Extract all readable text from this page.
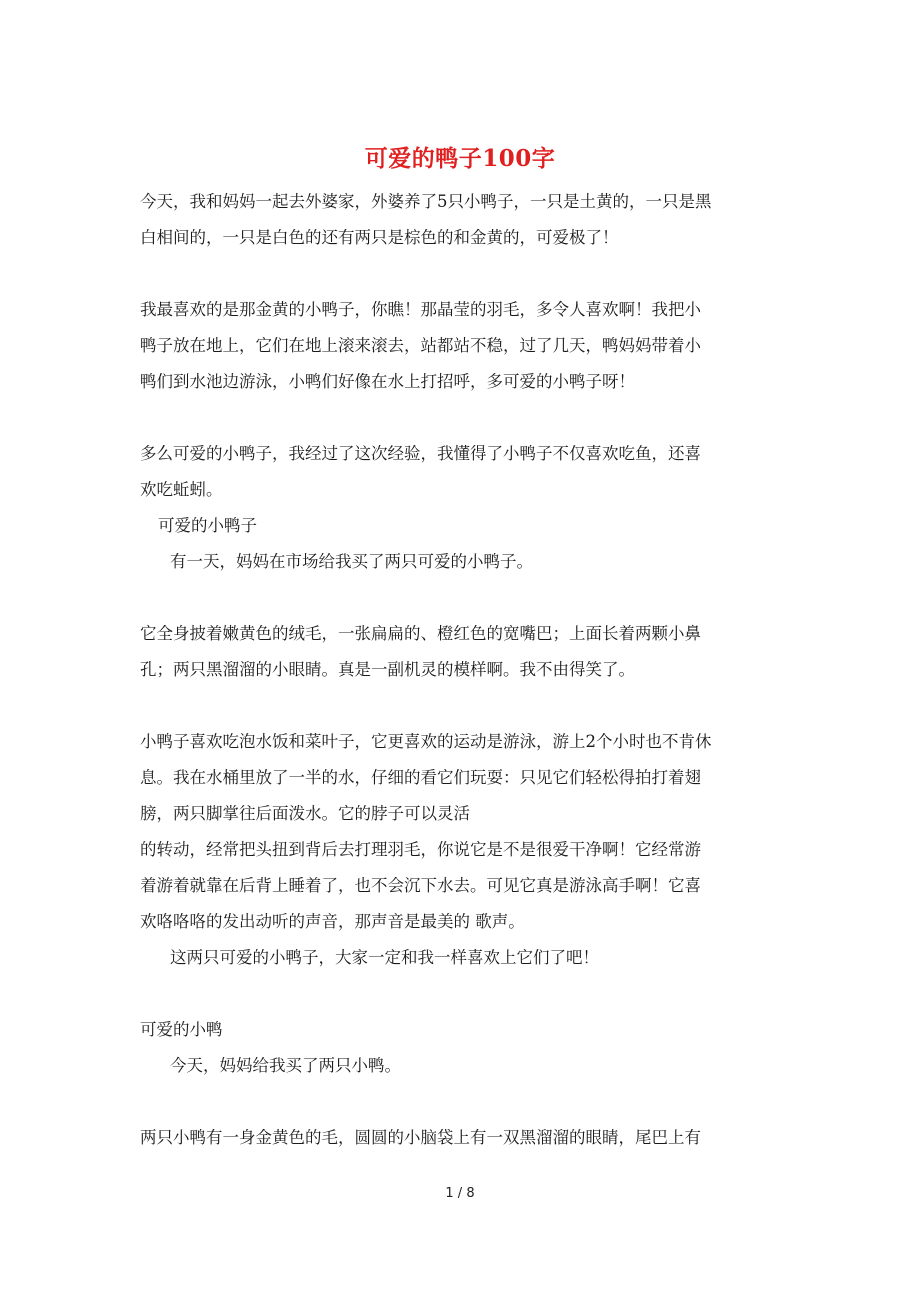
可爱的鸭子100字
今天，我和妈妈一起去外婆家，外婆养了5只小鸭子，一只是土黄的，一只是黑
白相间的，一只是白色的还有两只是棕色的和金黄的，可爱极了！
我最喜欢的是那金黄的小鸭子，你瞧！那晶莹的羽毛，多令人喜欢啊！我把小
鸭子放在地上，它们在地上滚来滚去，站都站不稳，过了几天，鸭妈妈带着小
鸭们到水池边游泳，小鸭们好像在水上打招呼，多可爱的小鸭子呀！
多么可爱的小鸭子，我经过了这次经验，我懂得了小鸭子不仅喜欢吃鱼，还喜
欢吃蚯蚓。
可爱的小鸭子
有一天，妈妈在市场给我买了两只可爱的小鸭子。
它全身披着嫩黄色的绒毛，一张扁扁的、橙红色的宽嘴巴；上面长着两颗小鼻
孔；两只黑溜溜的小眼睛。真是一副机灵的模样啊。我不由得笑了。
小鸭子喜欢吃泡水饭和菜叶子，它更喜欢的运动是游泳，游上2个小时也不肯休
息。我在水桶里放了一半的水，仔细的看它们玩耍：只见它们轻松得拍打着翅
膀，两只脚掌往后面泼水。它的脖子可以灵活
的转动，经常把头扭到背后去打理羽毛，你说它是不是很爱干净啊！它经常游
着游着就靠在后背上睡着了，也不会沉下水去。可见它真是游泳高手啊！它喜
欢咯咯咯的发出动听的声音，那声音是最美的 歌声。
这两只可爱的小鸭子，大家一定和我一样喜欢上它们了吧！
可爱的小鸭
今天，妈妈给我买了两只小鸭。
两只小鸭有一身金黄色的毛，圆圆的小脑袋上有一双黑溜溜的眼睛，尾巴上有
1 / 8
